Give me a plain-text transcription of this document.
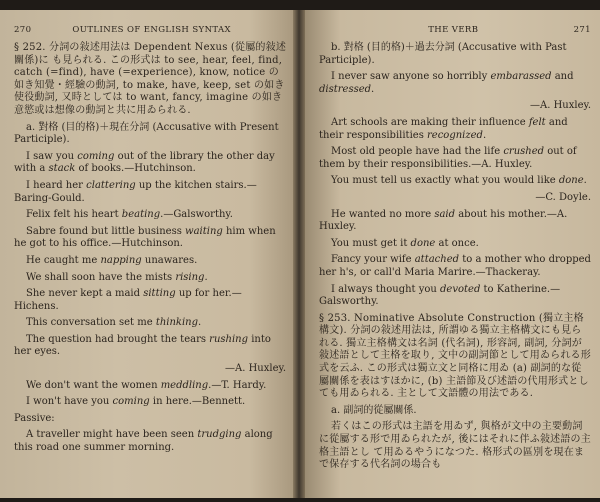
270	OUTLINES OF ENGLISH SYNTAX

§ 252. 分詞の敍述用法は Dependent Nexus (從屬的敍述關係)に も見られる. この形式は to see, hear, feel, find, catch (=find), have (=experience), know, notice の如き知覺・經驗の動詞, to make, have, keep, set の如き使役動詞, 又時としては to want, fancy, imagine の如き意慾或は想像の動詞と共に用ゐられる.

a. 對格 (目的格)＋現在分詞 (Accusative with Present Participle).

I saw you coming out of the library the other day with a stack of books.—Hutchinson.

I heard her clattering up the kitchen stairs.—Baring-Gould.

Felix felt his heart beating.—Galsworthy.

Sabre found but little business waiting him when he got to his office.—Hutchinson.

He caught me napping unawares.

We shall soon have the mists rising.

She never kept a maid sitting up for her.—Hichens.

This conversation set me thinking.

The question had brought the tears rushing into her eyes.

—A. Huxley.

We don't want the women meddling.—T. Hardy.

I won't have you coming in here.—Bennett.

Passive:

A traveller might have been seen trudging along this road one summer morning.

THE VERB	271

b. 對格 (目的格)＋過去分詞 (Accusative with Past Participle).

I never saw anyone so horribly embarassed and distressed.

—A. Huxley.

Art schools are making their influence felt and their responsibilities recognized.

Most old people have had the life crushed out of them by their responsibilities.—A. Huxley.

You must tell us exactly what you would like done.

—C. Doyle.

He wanted no more said about his mother.—A. Huxley.

You must get it done at once.

Fancy your wife attached to a mother who dropped her h's, or call'd Maria Marire.—Thackeray.

I always thought you devoted to Katherine.—Galsworthy.

§ 253. Nominative Absolute Construction (獨立主格構文). 分詞の敍述用法は, 所謂ゆる獨立主格構文にも見られる. 獨立主格構文は名詞 (代名詞), 形容詞, 副詞, 分詞が敍述語として主格を取り, 文中の副詞節として用ゐられる形式を云ふ. この形式は獨立文と同格に用ゐ (a) 副詞的な從屬關係を表はすほかに, (b) 主語節及び述語の代用形式としても用ゐられる. 主として文語體の用法である.

a. 副詞的從屬關係.

若くはこの形式は主語を用ゐず, 與格が文中の主要動詞に從屬する形で用ゐられたが, 後にはそれに伴ふ敍述語の主格主語とし て用ゐるやうになつた. 格形式の區別を現在まで保存する代名詞の場合も
